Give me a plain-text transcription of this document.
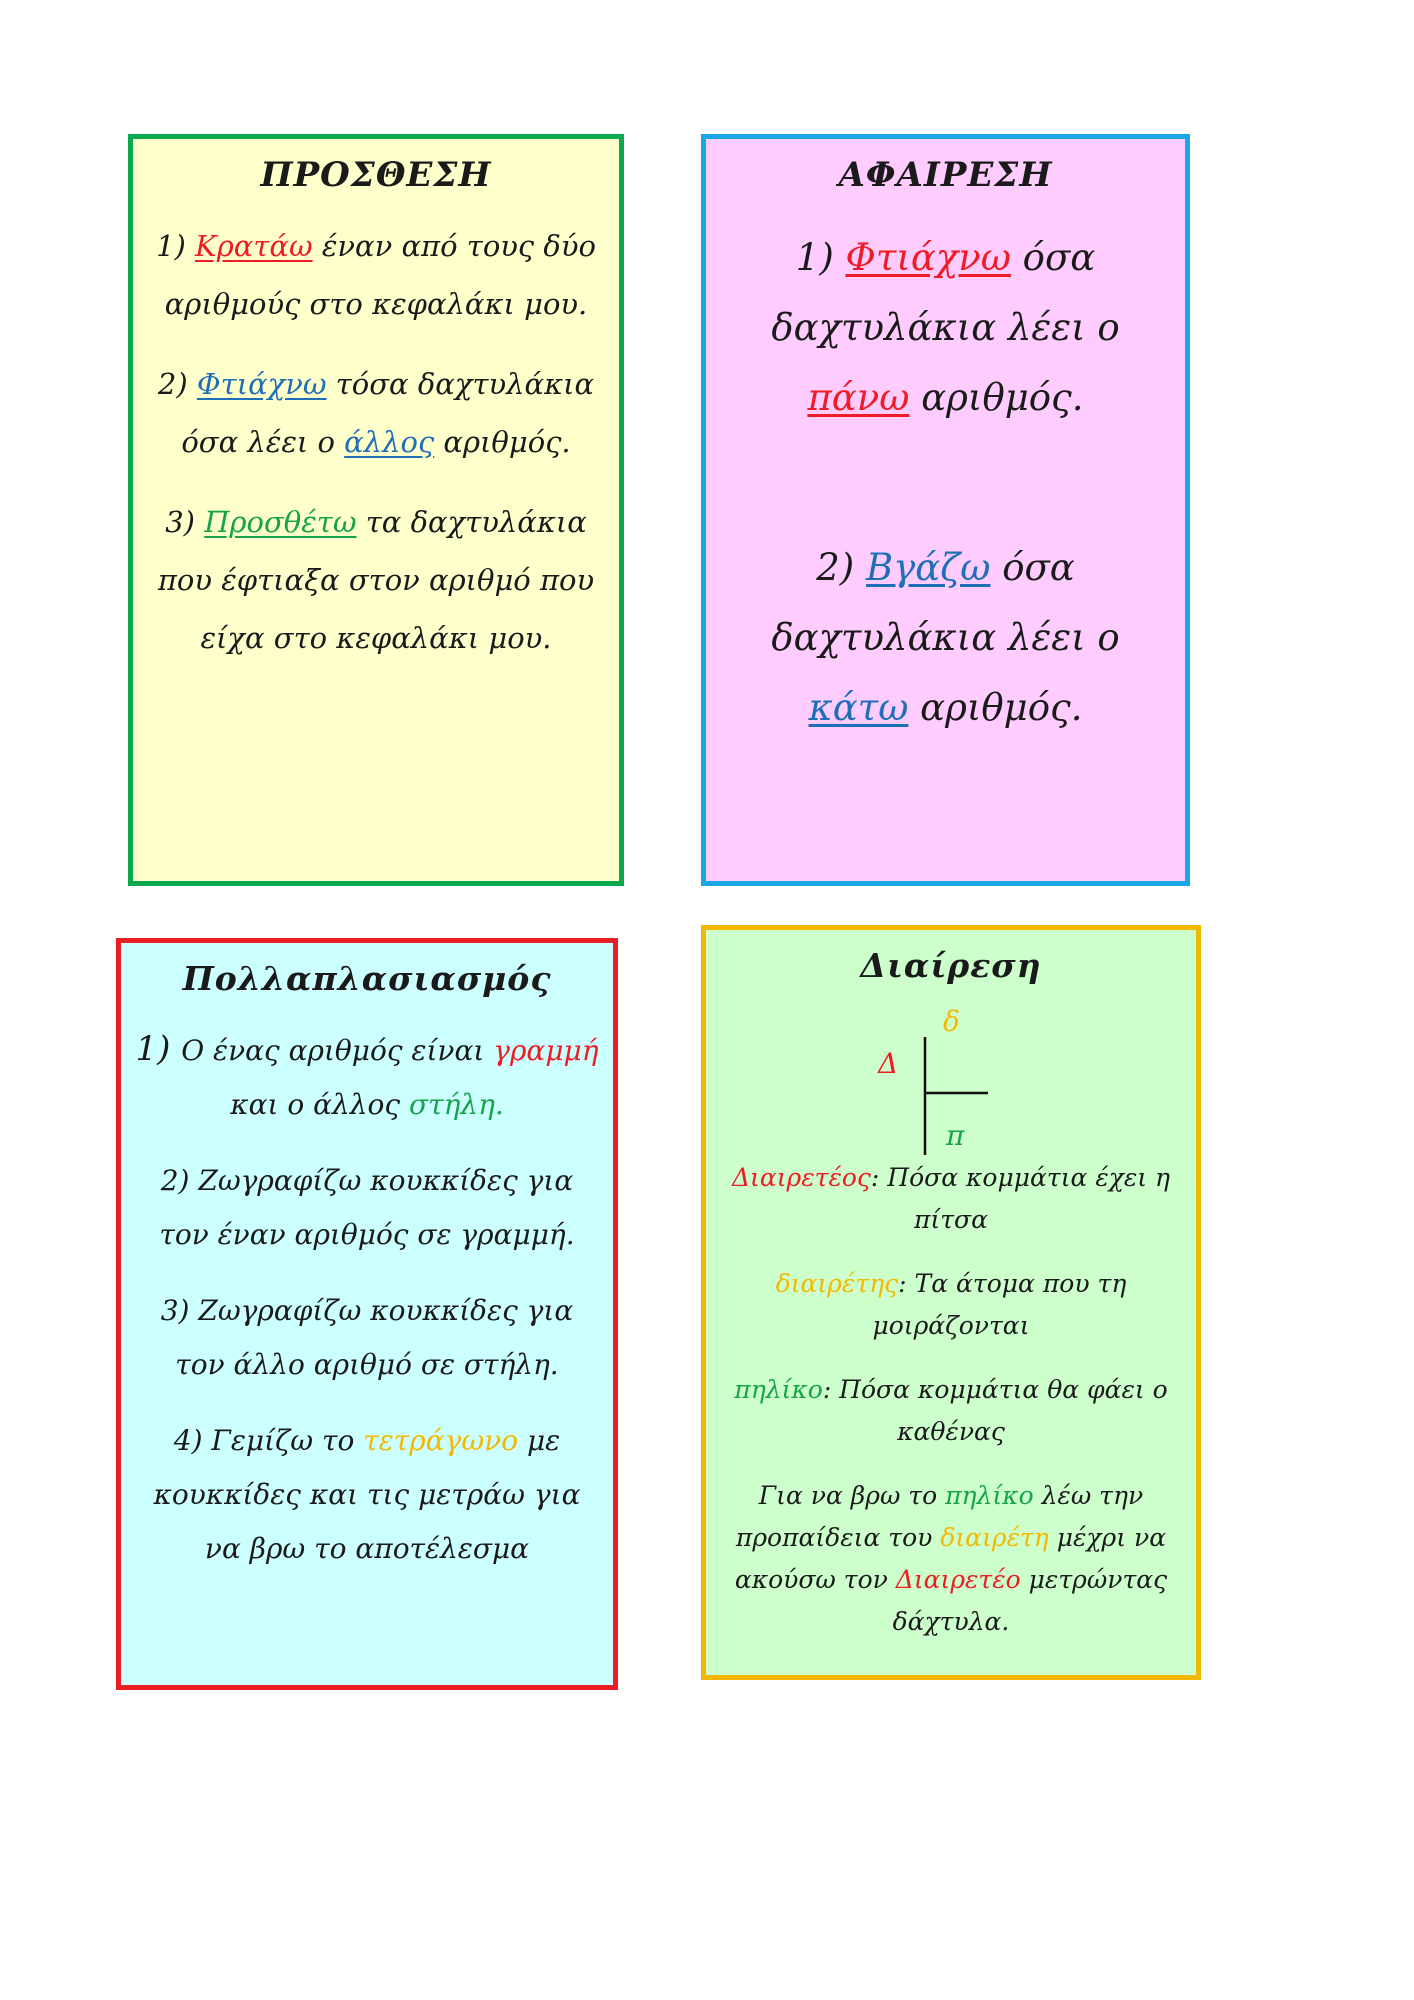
ΠΡΟΣΘΕΣΗ

1) Κρατάω έναν από τους δύο αριθμούς στο κεφαλάκι μου.

2) Φτιάχνω τόσα δαχτυλάκια όσα λέει ο άλλος αριθμός.

3) Προσθέτω τα δαχτυλάκια που έφτιαξα στον αριθμό που είχα στο κεφαλάκι μου.

ΑΦΑΙΡΕΣΗ

1) Φτιάχνω όσα δαχτυλάκια λέει ο πάνω αριθμός.

2) Βγάζω όσα δαχτυλάκια λέει ο κάτω αριθμός.

Πολλαπλασιασμός

1) Ο ένας αριθμός είναι γραμμή και ο άλλος στήλη.

2) Ζωγραφίζω κουκκίδες για τον έναν αριθμός σε γραμμή.

3) Ζωγραφίζω κουκκίδες για τον άλλο αριθμό σε στήλη.

4) Γεμίζω το τετράγωνο με κουκκίδες και τις μετράω για να βρω το αποτέλεσμα

Διαίρεση
δ
Δ
π

Διαιρετέος: Πόσα κομμάτια έχει η πίτσα

διαιρέτης: Τα άτομα που τη μοιράζονται

πηλίκο: Πόσα κομμάτια θα φάει ο καθένας

Για να βρω το πηλίκο λέω την προπαίδεια του διαιρέτη μέχρι να ακούσω τον Διαιρετέο μετρώντας δάχτυλα.
